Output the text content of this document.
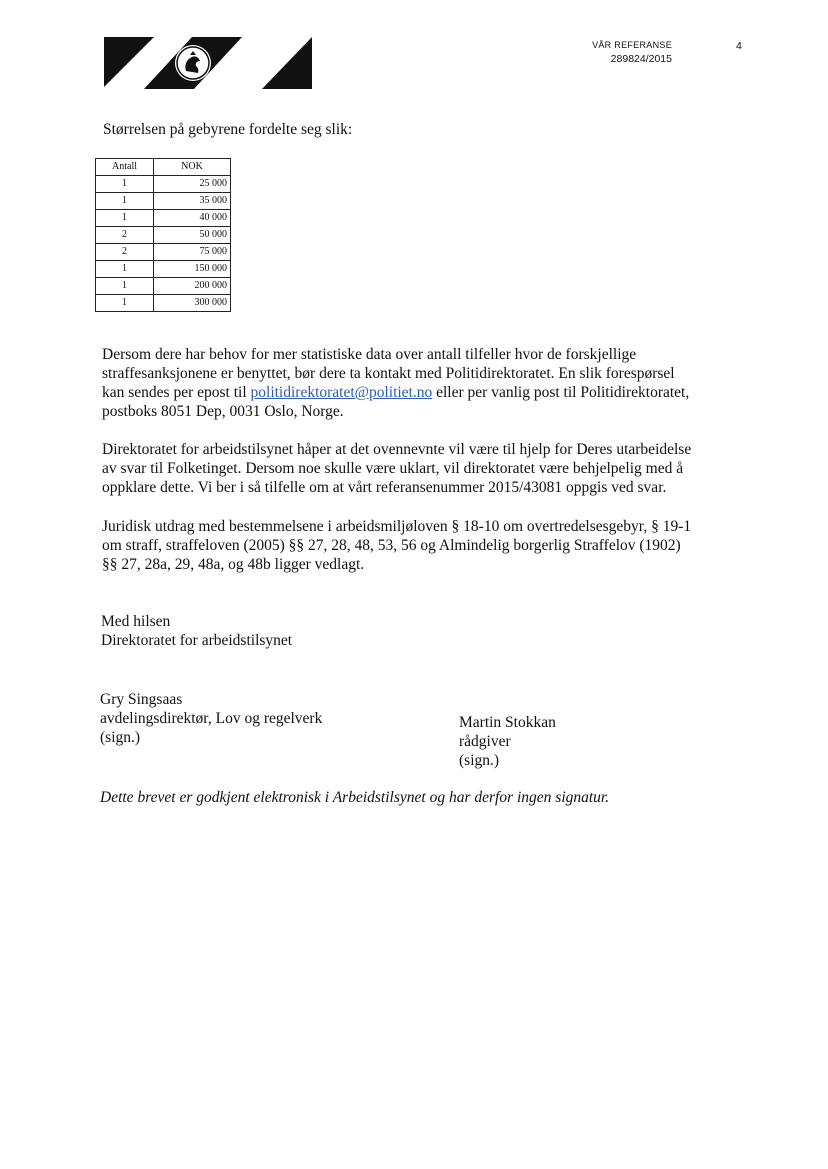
VÅR REFERANSE
289824/2015
4
Størrelsen på gebyrene fordelte seg slik:
Antall	NOK
1	25 000
1	35 000
1	40 000
2	50 000
2	75 000
1	150 000
1	200 000
1	300 000

Dersom dere har behov for mer statistiske data over antall tilfeller hvor de forskjellige
straffesanksjonene er benyttet, bør dere ta kontakt med Politidirektoratet. En slik forespørsel
kan sendes per epost til politidirektoratet@politiet.no eller per vanlig post til Politidirektoratet,
postboks 8051 Dep, 0031 Oslo, Norge.

Direktoratet for arbeidstilsynet håper at det ovennevnte vil være til hjelp for Deres utarbeidelse
av svar til Folketinget. Dersom noe skulle være uklart, vil direktoratet være behjelpelig med å
oppklare dette. Vi ber i så tilfelle om at vårt referansenummer 2015/43081 oppgis ved svar.

Juridisk utdrag med bestemmelsene i arbeidsmiljøloven § 18-10 om overtredelsesgebyr, § 19-1
om straff, straffeloven (2005) §§ 27, 28, 48, 53, 56 og Almindelig borgerlig Straffelov (1902)
§§ 27, 28a, 29, 48a, og 48b ligger vedlagt.

Med hilsen
Direktoratet for arbeidstilsynet
Gry Singsaas
avdelingsdirektør, Lov og regelverk
(sign.)
Martin Stokkan
rådgiver
(sign.)
Dette brevet er godkjent elektronisk i Arbeidstilsynet og har derfor ingen signatur.
